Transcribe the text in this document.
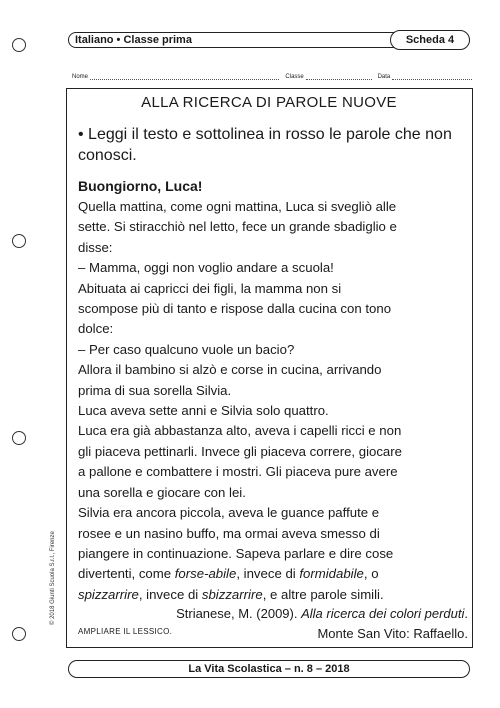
Italiano • Classe prima	Scheda 4
Nome	Classe	Data
ALLA RICERCA DI PAROLE NUOVE
• Leggi il testo e sottolinea in rosso le parole che non conosci.
Buongiorno, Luca!
Quella mattina, come ogni mattina, Luca si svegliò alle
sette. Si stiracchiò nel letto, fece un grande sbadiglio e
disse:
– Mamma, oggi non voglio andare a scuola!
Abituata ai capricci dei figli, la mamma non si
scompose più di tanto e rispose dalla cucina con tono
dolce:
– Per caso qualcuno vuole un bacio?
Allora il bambino si alzò e corse in cucina, arrivando
prima di sua sorella Silvia.
Luca aveva sette anni e Silvia solo quattro.
Luca era già abbastanza alto, aveva i capelli ricci e non
gli piaceva pettinarli. Invece gli piaceva correre, giocare
a pallone e combattere i mostri. Gli piaceva pure avere
una sorella e giocare con lei.
Silvia era ancora piccola, aveva le guance paffute e
rosee e un nasino buffo, ma ormai aveva smesso di
piangere in continuazione. Sapeva parlare e dire cose
divertenti, come forse-abile, invece di formidabile, o
spizzarrire, invece di sbizzarrire, e altre parole simili.
Strianese, M. (2009). Alla ricerca dei colori perduti.
Monte San Vito: Raffaello.
AMPLIARE IL LESSICO.
La Vita Scolastica – n. 8 – 2018
© 2018 Giunti Scuola S.r.l., Firenze
